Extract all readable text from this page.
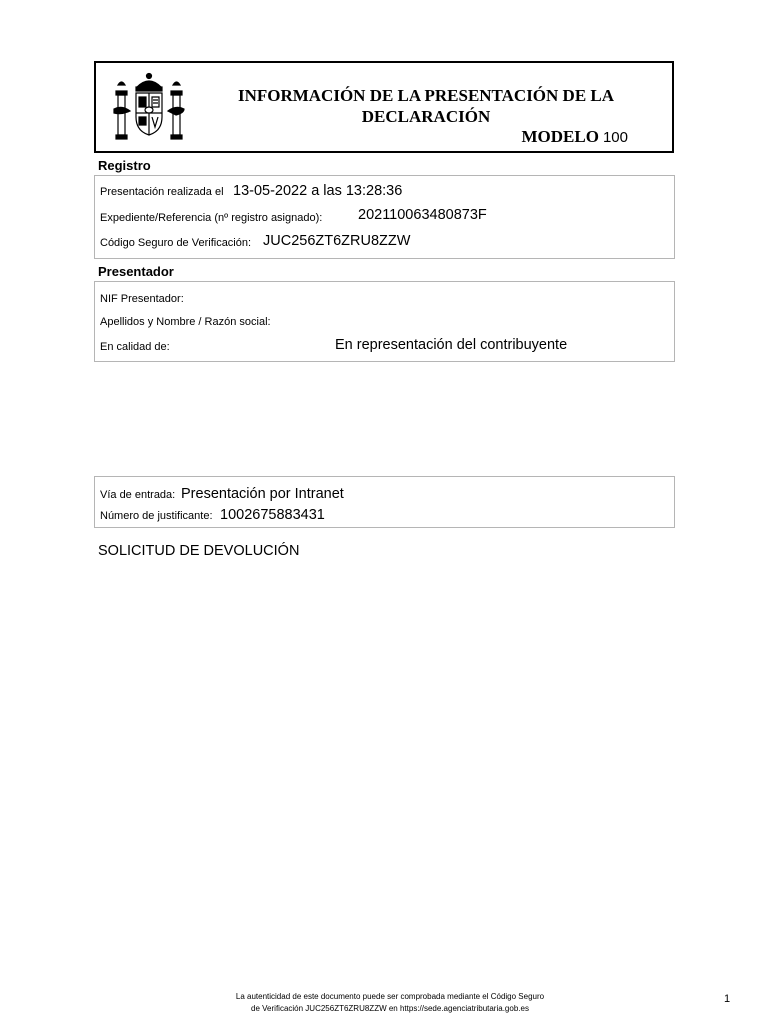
INFORMACIÓN DE LA PRESENTACIÓN DE LA
DECLARACIÓN
MODELO 100
Registro
Presentación realizada el 13-05-2022 a las 13:28:36
Expediente/Referencia (nº registro asignado): 202110063480873F
Código Seguro de Verificación: JUC256ZT6ZRU8ZZW
Presentador
NIF Presentador:
Apellidos y Nombre / Razón social:
En calidad de:	En representación del contribuyente
Vía de entrada: Presentación por Intranet
Número de justificante: 1002675883431
SOLICITUD DE DEVOLUCIÓN
La autenticidad de este documento puede ser comprobada mediante el Código Seguro
de Verificación JUC256ZT6ZRU8ZZW en https://sede.agenciatributaria.gob.es
1
